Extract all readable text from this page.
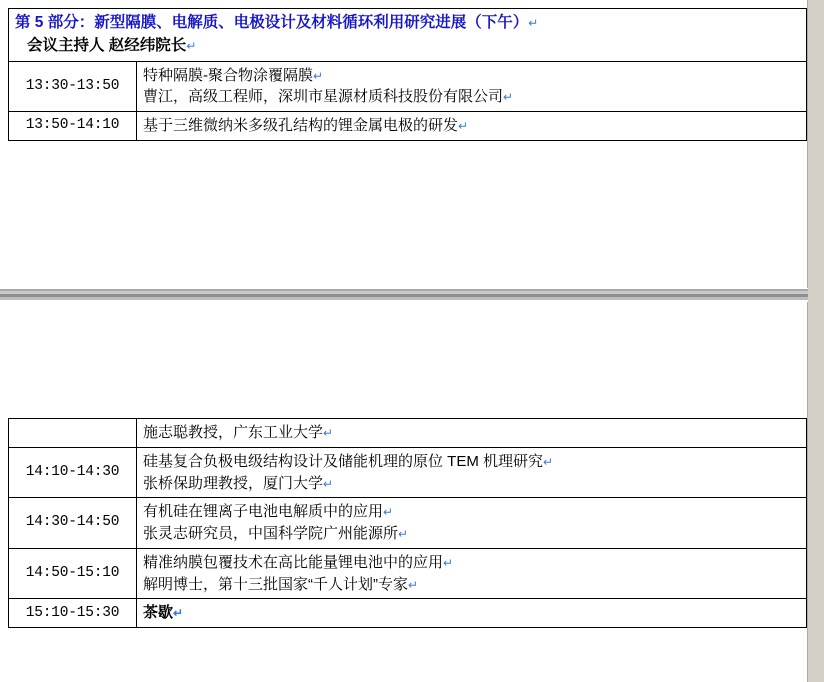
第 5 部分：新型隔膜、电解质、电极设计及材料循环利用研究进展（下午）↵
会议主持人 赵经纬院长↵	

13:30-13:50	特种隔膜-聚合物涂覆隔膜↵
曹江，高级工程师，深圳市星源材质科技股份有限公司↵

13:50-14:10	基于三维微纳米多级孔结构的锂金属电极的研发↵

	施志聪教授，广东工业大学↵

14:10-14:30	硅基复合负极电级结构设计及储能机理的原位 TEM 机理研究↵
张桥保助理教授，厦门大学↵

14:30-14:50	有机硅在锂离子电池电解质中的应用↵
张灵志研究员，中国科学院广州能源所↵

14:50-15:10	精准纳膜包覆技术在高比能量锂电池中的应用↵
解明博士，第十三批国家“千人计划”专家↵

15:10-15:30	茶歇↵
